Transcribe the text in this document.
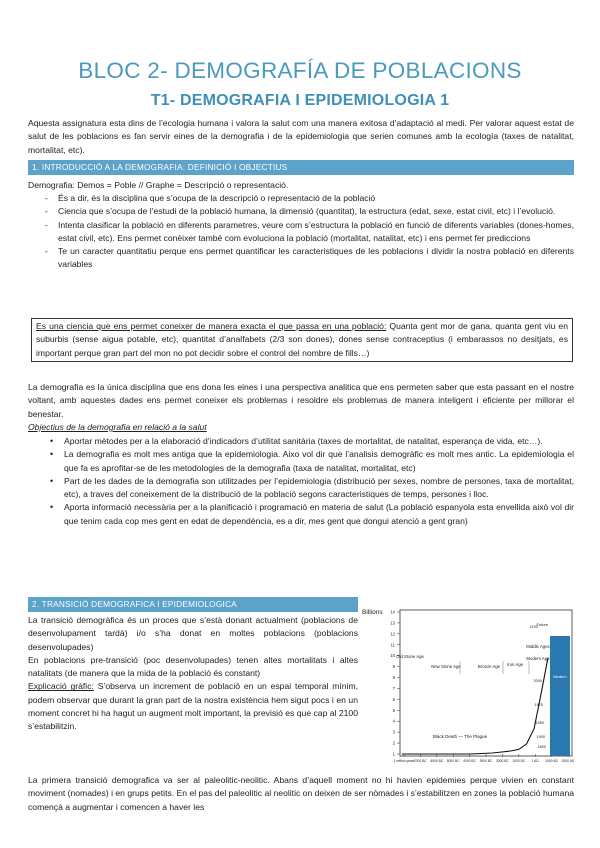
BLOC 2- DEMOGRAFÍA DE POBLACIONS
T1- DEMOGRAFIA I EPIDEMIOLOGIA 1
Aquesta assignatura esta dins de l’ecologia humana i valora la salut com una manera exitosa d’adaptació al medi. Per valorar aquest estat de salut de les poblacions es fan servir eines de la demografia i de la epidemiologia que serien comunes amb la ecología (taxes de natalitat, mortalitat, etc).
1. INTRODUCCIÓ A LA DEMOGRAFIA: DEFINICIÓ I OBJECTIUS
Demografia: Demos = Poble // Graphe = Descripció o representació.
- És a dir, és la disciplina que s’ocupa de la descripció o representació de la població
- Ciencia que s’ocupa de l’estudi de la població humana, la dimensió (quantitat), la estructura (edat, sexe, estat civil, etc) i l’evolució.
- Intenta clasificar la població en diferents parametres, veure com s’estructura la població en funció de diferents variables (dones-homes, estat civil, etc). Ens permet conèixer també com evoluciona la població (mortalitat, natalitat, etc) i ens permet fer prediccions
- Te un caracter quantitatiu perque ens permet quantificar les caracteristiques de les poblacions i dividir la nostra població en diferents variables
Es una ciencia que ens permet coneixer de manera exacta el que passa en una població: Quanta gent mor de gana, quanta gent viu en suburbis (sense aigua potable, etc), quantitat d’analfabets (2/3 son dones), dones sense contraceptius (i embarassos no desitjats, es important perque gran part del mon no pot decidir sobre el control del nombre de fills…)
La demografia es la única disciplina que ens dona les eines i una perspectiva analitica que ens permeten saber que esta passant en el nostre voltant, amb aquestes dades ens permet coneixer els problemas i resoldre els problemas de manera inteligent i eficiente per millorar el benestar.
Objectius de la demografia en relació a la salut
• Aportar mètodes per a la elaboració d’indicadors d’utilitat sanitària (taxes de mortalitat, de natalitat, esperança de vida, etc…).
• La demografia es molt mes antiga que la epidemiologia. Aixo vol dir que l’analisis demogràfic es molt mes antic. La epidemiologia el que fa es aprofitar-se de les metodologies de la demografia (taxa de natalitat, mortalitat, etc)
• Part de les dades de la demografia son utilitzades per l’epidemiologia (distribució per sexes, nombre de persones, taxa de mortalitat, etc), a traves del coneixement de la distribució de la població segons caracteristiques de temps, persones i lloc.
• Aporta informació necessària per a la planificació i programació en materia de salut (La població espanyola esta envellida això vol dir que tenim cada cop mes gent en edat de dependència, es a dir, mes gent que dongui atenció a gent gran)
2. TRANSICIÓ DEMOGRAFICA I EPIDEMIOLOGICA
La transició demogràfica és un proces que s’està donant actualment (poblacions de desenvolupament tardà) i/o s’ha donat en moltes poblacions (poblacions desenvolupades)
En poblacions pre-transició (poc desenvolupades) tenen altes mortalitats i altes natalitats (de manera que la mida de la població és constant)
Explicació gràfic: S’observa un increment de població en un espai temporal mínim, podem observar que durant la gran part de la nostra existència hem sigut pocs i en un moment concret hi ha hagut un augment molt important, la previsió es que cap al 2100 s’estabilitzin.
La primera transició demografica va ser al paleolitic-neolitic. Abans d’aquell moment no hi havien epidemies perque vivien en constant moviment (nomades) i en grups petits. En el pas del paleolitic al neolitic on deixen de ser nòmades i s’estabilitzen en zones la població humana començà a augmentar i comencen a haver les
Billions 14
13
12
11
10
9
8
7
6
5
4
3
2
1
Old Stone Age
New Stone Age	Bronze Age Iron Age
Middle Ages
Modern Age
2100
2000
1975
1950
1900
1800
1 million years 7000 BC 6000 BC 5000 BC 4000 BC 3000 BC 2000 BC 1000 BC 1 AD 1000 AD 2000 AD
Modern
Black Death — The Plague
Future
